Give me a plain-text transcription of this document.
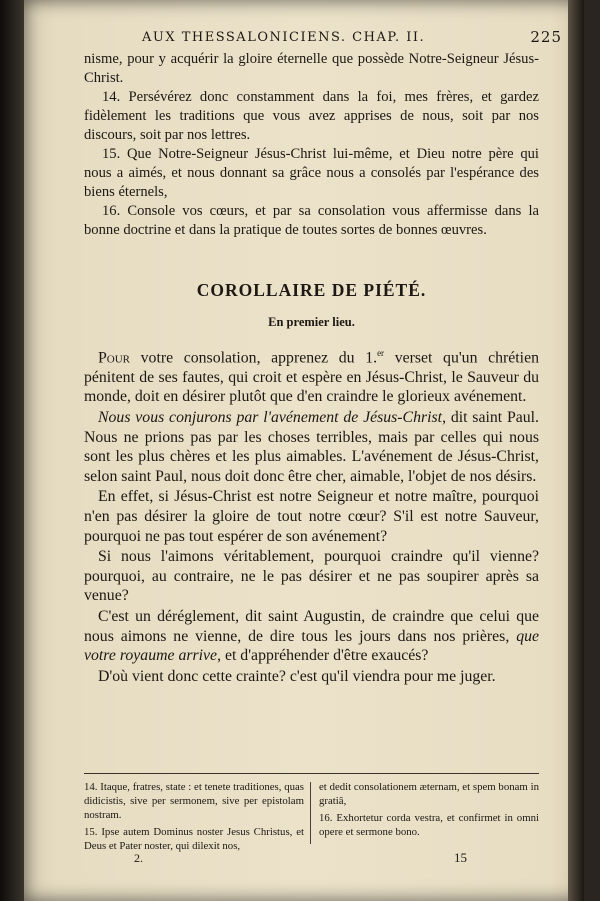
AUX THESSALONICIENS. CHAP. II.	225

nisme, pour y acquérir la gloire éternelle que possède Notre-Seigneur Jésus-Christ.

14. Persévérez donc constamment dans la foi, mes frères, et gardez fidèlement les traditions que vous avez apprises de nous, soit par nos discours, soit par nos lettres.

15. Que Notre-Seigneur Jésus-Christ lui-même, et Dieu notre père qui nous a aimés, et nous donnant sa grâce nous a consolés par l'espérance des biens éternels,

16. Console vos cœurs, et par sa consolation vous affermisse dans la bonne doctrine et dans la pratique de toutes sortes de bonnes œuvres.

COROLLAIRE DE PIÉTÉ.
En premier lieu.

Pour votre consolation, apprenez du 1.$^{er}$ verset qu'un chrétien pénitent de ses fautes, qui croit et espère en Jésus-Christ, le Sauveur du monde, doit en désirer plutôt que d'en craindre le glorieux avénement.

Nous vous conjurons par l'avénement de Jésus-Christ, dit saint Paul. Nous ne prions pas par les choses terribles, mais par celles qui nous sont les plus chères et les plus aimables. L'avénement de Jésus-Christ, selon saint Paul, nous doit donc être cher, aimable, l'objet de nos désirs.

En effet, si Jésus-Christ est notre Seigneur et notre maître, pourquoi n'en pas désirer la gloire de tout notre cœur? S'il est notre Sauveur, pourquoi ne pas tout espérer de son avénement?

Si nous l'aimons véritablement, pourquoi craindre qu'il vienne? pourquoi, au contraire, ne le pas désirer et ne pas soupirer après sa venue?

C'est un déréglement, dit saint Augustin, de craindre que celui que nous aimons ne vienne, de dire tous les jours dans nos prières, que votre royaume arrive, et d'appréhender d'être exaucés?

D'où vient donc cette crainte? c'est qu'il viendra pour me juger.

14. Itaque, fratres, state : et tenete traditiones, quas didicistis, sive per sermonem, sive per epistolam nostram.

15. Ipse autem Dominus noster Jesus Christus, et Deus et Pater noster, qui dilexit nos,

et dedit consolationem æternam, et spem bonam in gratiâ,

16. Exhortetur corda vestra, et confirmet in omni opere et sermone bono.

2.	15
